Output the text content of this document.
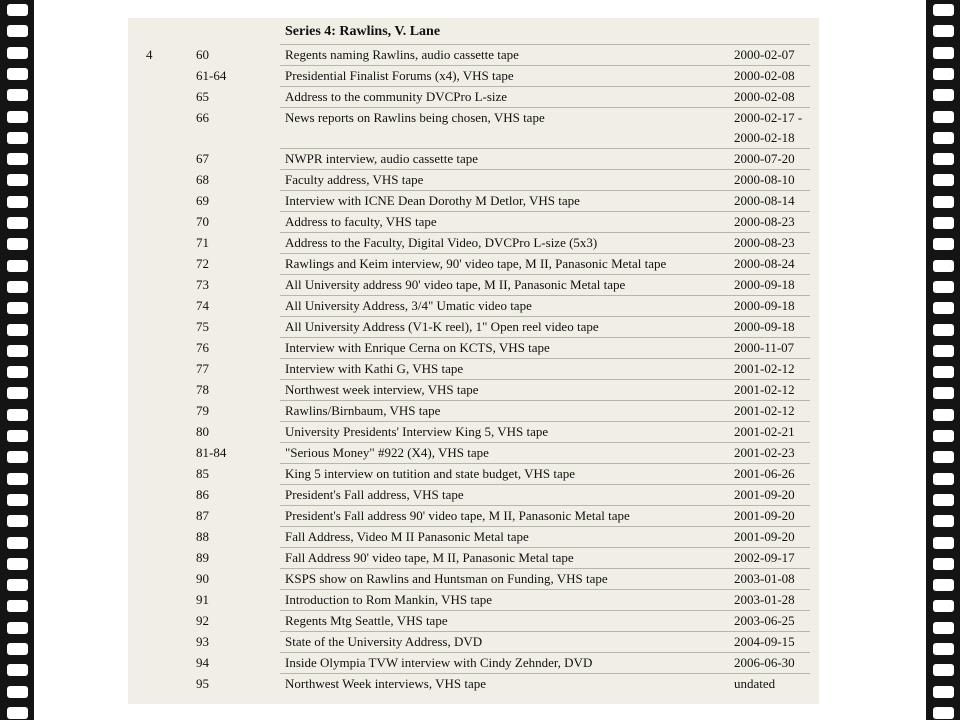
Series 4: Rawlins, V. Lane
4	60	Regents naming Rawlins, audio cassette tape	2000-02-07
61-64	Presidential Finalist Forums (x4), VHS tape	2000-02-08
65	Address to the community DVCPro L-size	2000-02-08
66	News reports on Rawlins being chosen, VHS tape	2000-02-17 -
2000-02-18
67	NWPR interview, audio cassette tape	2000-07-20
68	Faculty address, VHS tape	2000-08-10
69	Interview with ICNE Dean Dorothy M Detlor, VHS tape	2000-08-14
70	Address to faculty, VHS tape	2000-08-23
71	Address to the Faculty, Digital Video, DVCPro L-size (5x3)	2000-08-23
72	Rawlings and Keim interview, 90' video tape, M II, Panasonic Metal tape	2000-08-24
73	All University address 90' video tape, M II, Panasonic Metal tape	2000-09-18
74	All University Address, 3/4" Umatic video tape	2000-09-18
75	All University Address (V1-K reel), 1" Open reel video tape	2000-09-18
76	Interview with Enrique Cerna on KCTS, VHS tape	2000-11-07
77	Interview with Kathi G, VHS tape	2001-02-12
78	Northwest week interview, VHS tape	2001-02-12
79	Rawlins/Birnbaum, VHS tape	2001-02-12
80	University Presidents' Interview King 5, VHS tape	2001-02-21
81-84	"Serious Money" #922 (X4), VHS tape	2001-02-23
85	King 5 interview on tutition and state budget, VHS tape	2001-06-26
86	President's Fall address, VHS tape	2001-09-20
87	President's Fall address 90' video tape, M II, Panasonic Metal tape	2001-09-20
88	Fall Address, Video M II Panasonic Metal tape	2001-09-20
89	Fall Address 90' video tape, M II, Panasonic Metal tape	2002-09-17
90	KSPS show on Rawlins and Huntsman on Funding, VHS tape	2003-01-08
91	Introduction to Rom Mankin, VHS tape	2003-01-28
92	Regents Mtg Seattle, VHS tape	2003-06-25
93	State of the University Address, DVD	2004-09-15
94	Inside Olympia TVW interview with Cindy Zehnder, DVD	2006-06-30
95	Northwest Week interviews, VHS tape	undated
